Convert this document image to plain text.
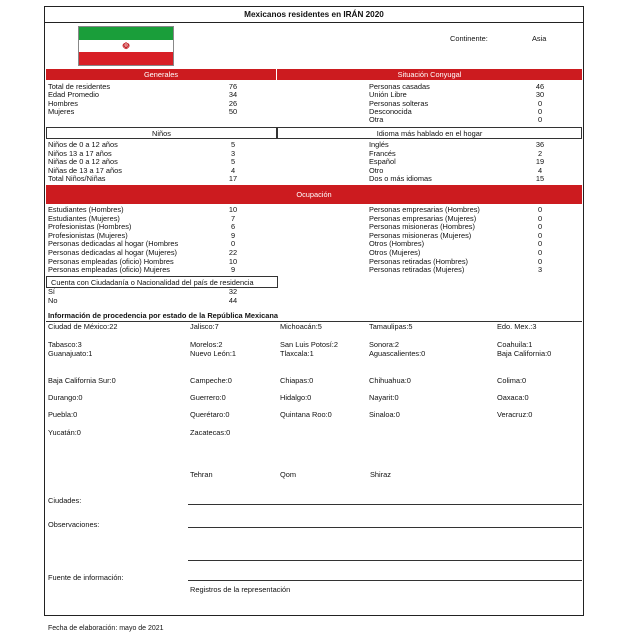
Mexicanos residentes en IRÁN 2020
☫
Continente:	Asia
Generales	Situación Conyugal
Total de residentes	76
Edad Promedio	34
Hombres	26
Mujeres	50
Personas casadas	46
Unión Libre	30
Personas solteras	0
Desconocida	0
Otra	0
Niños	Idioma más hablado en el hogar
Niños de 0 a 12 años	5
Niños 13 a 17 años	3
Niñas de 0 a 12 años	5
Niñas de 13 a 17 años	4
Total Niños/Niñas	17
Inglés	36
Francés	2
Español	19
Otro	4
Dos o más idiomas	15
Ocupación
Estudiantes (Hombres)	10
Estudiantes (Mujeres)	7
Profesionistas (Hombres)	6
Profesionistas (Mujeres)	9
Personas dedicadas al hogar (Hombres	0
Personas dedicadas al hogar (Mujeres)	22
Personas empleadas (oficio) Hombres	10
Personas empleadas (oficio) Mujeres	9
Personas empresarias (Hombres)	0
Personas empresarias (Mujeres)	0
Personas misioneras (Hombres)	0
Personas misioneras (Mujeres)	0
Otros (Hombres)	0
Otros (Mujeres)	0
Personas retiradas (Hombres)	0
Personas retiradas (Mujeres)	3
Cuenta con Ciudadanía o Nacionalidad del país de residencia
Sí	32
No	44
Información de procedencia por estado de la República Mexicana
Ciudad de México:22	Jalisco:7	Michoacán:5	Tamaulipas:5	Edo. Mex.:3
Tabasco:3	Morelos:2	San Luis Potosí:2	Sonora:2	Coahuila:1
Guanajuato:1	Nuevo León:1	Tlaxcala:1	Aguascalientes:0	Baja California:0
Baja California Sur:0	Campeche:0	Chiapas:0	Chihuahua:0	Colima:0
Durango:0	Guerrero:0	Hidalgo:0	Nayarit:0	Oaxaca:0
Puebla:0	Querétaro:0	Quintana Roo:0	Sinaloa:0	Veracruz:0
Yucatán:0	Zacatecas:0
Tehran	Qom	Shiraz
Ciudades:
Observaciones:
Fuente de información:
Registros de la representación
Fecha de elaboración: mayo de 2021
